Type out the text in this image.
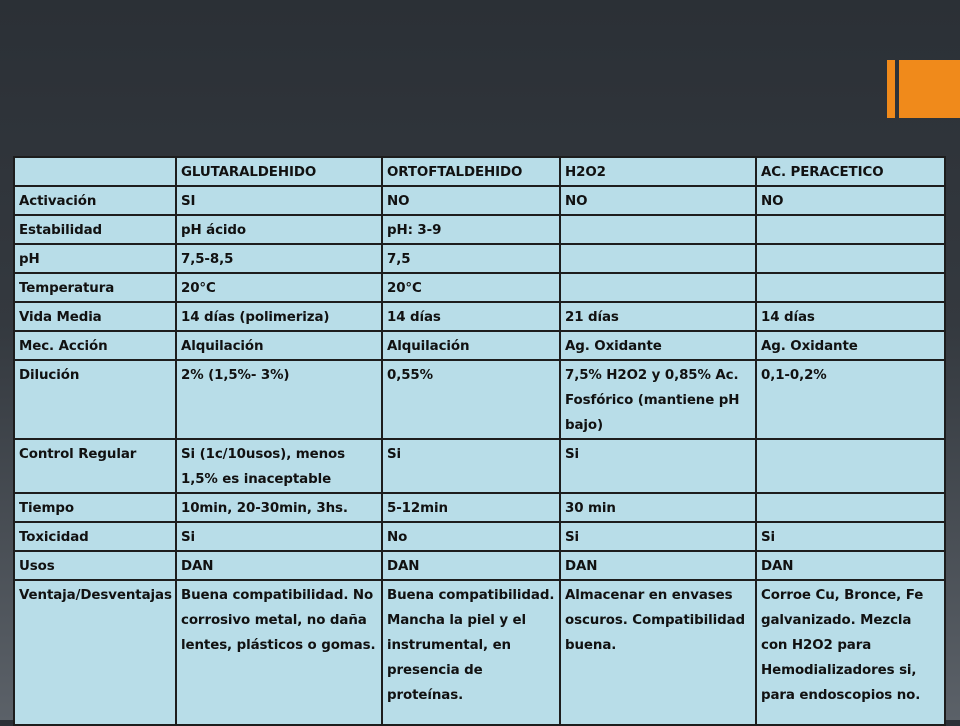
	GLUTARALDEHIDO	ORTOFTALDEHIDO	H2O2	AC. PERACETICO
Activación	SI	NO	NO	NO
Estabilidad	pH ácido	pH: 3-9		
pH	7,5-8,5	7,5		
Temperatura	20°C	20°C		
Vida Media	14 días (polimeriza)	14 días	21 días	14 días
Mec. Acción	Alquilación	Alquilación	Ag. Oxidante	Ag. Oxidante
Dilución	2% (1,5%- 3%)	0,55%	7,5% H2O2 y 0,85% Ac. Fosfórico (mantiene pH bajo)	0,1-0,2%
Control Regular	Si (1c/10usos), menos 1,5% es inaceptable	Si	Si	
Tiempo	10min, 20-30min, 3hs.	5-12min	30 min	
Toxicidad	Si	No	Si	Si
Usos	DAN	DAN	DAN	DAN
Ventaja/Desventajas	Buena compatibilidad. No corrosivo metal, no daña lentes, plásticos o gomas.	Buena compatibilidad. Mancha la piel y el instrumental, en presencia de proteínas.	Almacenar en envases oscuros. Compatibilidad buena.	Corroe Cu, Bronce, Fe galvanizado. Mezcla con H2O2 para Hemodializadores si, para endoscopios no.
